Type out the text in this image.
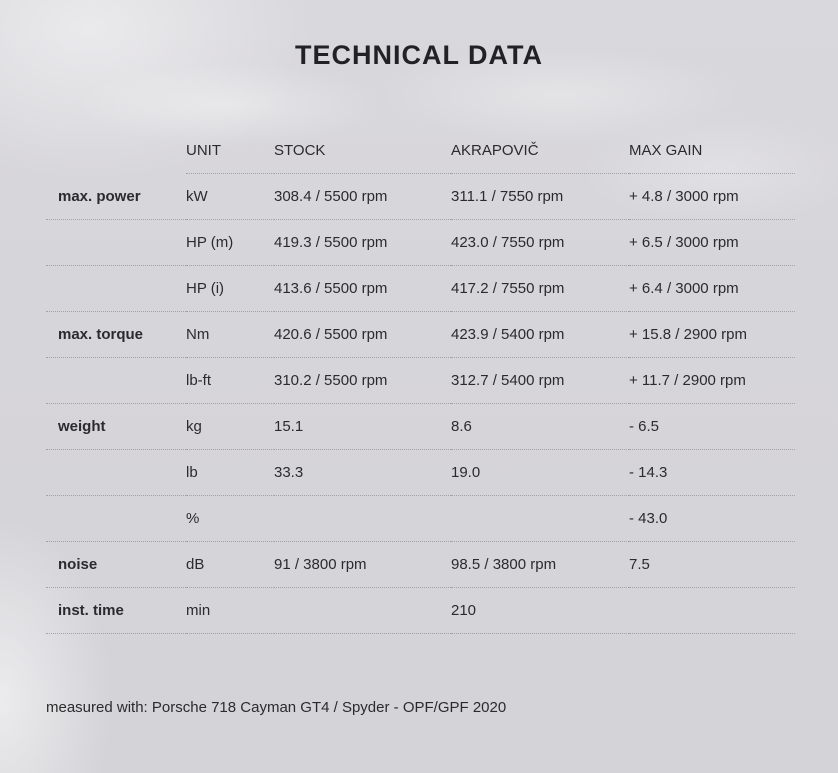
TECHNICAL DATA
	UNIT	STOCK	AKRAPOVIČ	MAX GAIN
max. power	kW	308.4 / 5500 rpm	311.1 / 7550 rpm	+ 4.8 / 3000 rpm
	HP (m)	419.3 / 5500 rpm	423.0 / 7550 rpm	+ 6.5 / 3000 rpm
	HP (i)	413.6 / 5500 rpm	417.2 / 7550 rpm	+ 6.4 / 3000 rpm
max. torque	Nm	420.6 / 5500 rpm	423.9 / 5400 rpm	+ 15.8 / 2900 rpm
	lb-ft	310.2 / 5500 rpm	312.7 / 5400 rpm	+ 11.7 / 2900 rpm
weight	kg	15.1	8.6	- 6.5
	lb	33.3	19.0	- 14.3
	%			- 43.0
noise	dB	91 / 3800 rpm	98.5 / 3800 rpm	7.5
inst. time	min		210	

measured with: Porsche 718 Cayman GT4 / Spyder - OPF/GPF 2020
